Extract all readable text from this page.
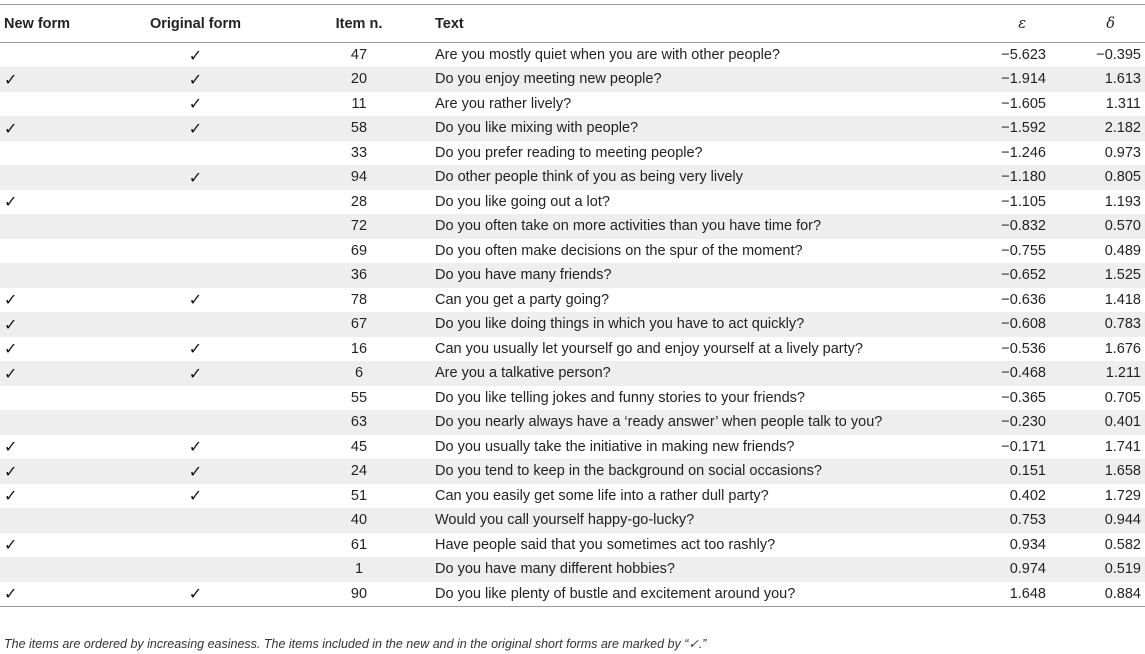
New form	Original form	Item n.	Text	ε	δ
	✓	47	Are you mostly quiet when you are with other people?	−5.623	−0.395
✓	✓	20	Do you enjoy meeting new people?	−1.914	1.613
	✓	11	Are you rather lively?	−1.605	1.311
✓	✓	58	Do you like mixing with people?	−1.592	2.182
		33	Do you prefer reading to meeting people?	−1.246	0.973
	✓	94	Do other people think of you as being very lively	−1.180	0.805
✓		28	Do you like going out a lot?	−1.105	1.193
		72	Do you often take on more activities than you have time for?	−0.832	0.570
		69	Do you often make decisions on the spur of the moment?	−0.755	0.489
		36	Do you have many friends?	−0.652	1.525
✓	✓	78	Can you get a party going?	−0.636	1.418
✓		67	Do you like doing things in which you have to act quickly?	−0.608	0.783
✓	✓	16	Can you usually let yourself go and enjoy yourself at a lively party?	−0.536	1.676
✓	✓	6	Are you a talkative person?	−0.468	1.211
		55	Do you like telling jokes and funny stories to your friends?	−0.365	0.705
		63	Do you nearly always have a ‘ready answer’ when people talk to you?	−0.230	0.401
✓	✓	45	Do you usually take the initiative in making new friends?	−0.171	1.741
✓	✓	24	Do you tend to keep in the background on social occasions?	0.151	1.658
✓	✓	51	Can you easily get some life into a rather dull party?	0.402	1.729
		40	Would you call yourself happy-go-lucky?	0.753	0.944
✓		61	Have people said that you sometimes act too rashly?	0.934	0.582
		1	Do you have many different hobbies?	0.974	0.519
✓	✓	90	Do you like plenty of bustle and excitement around you?	1.648	0.884
The items are ordered by increasing easiness. The items included in the new and in the original short forms are marked by “✓.”
